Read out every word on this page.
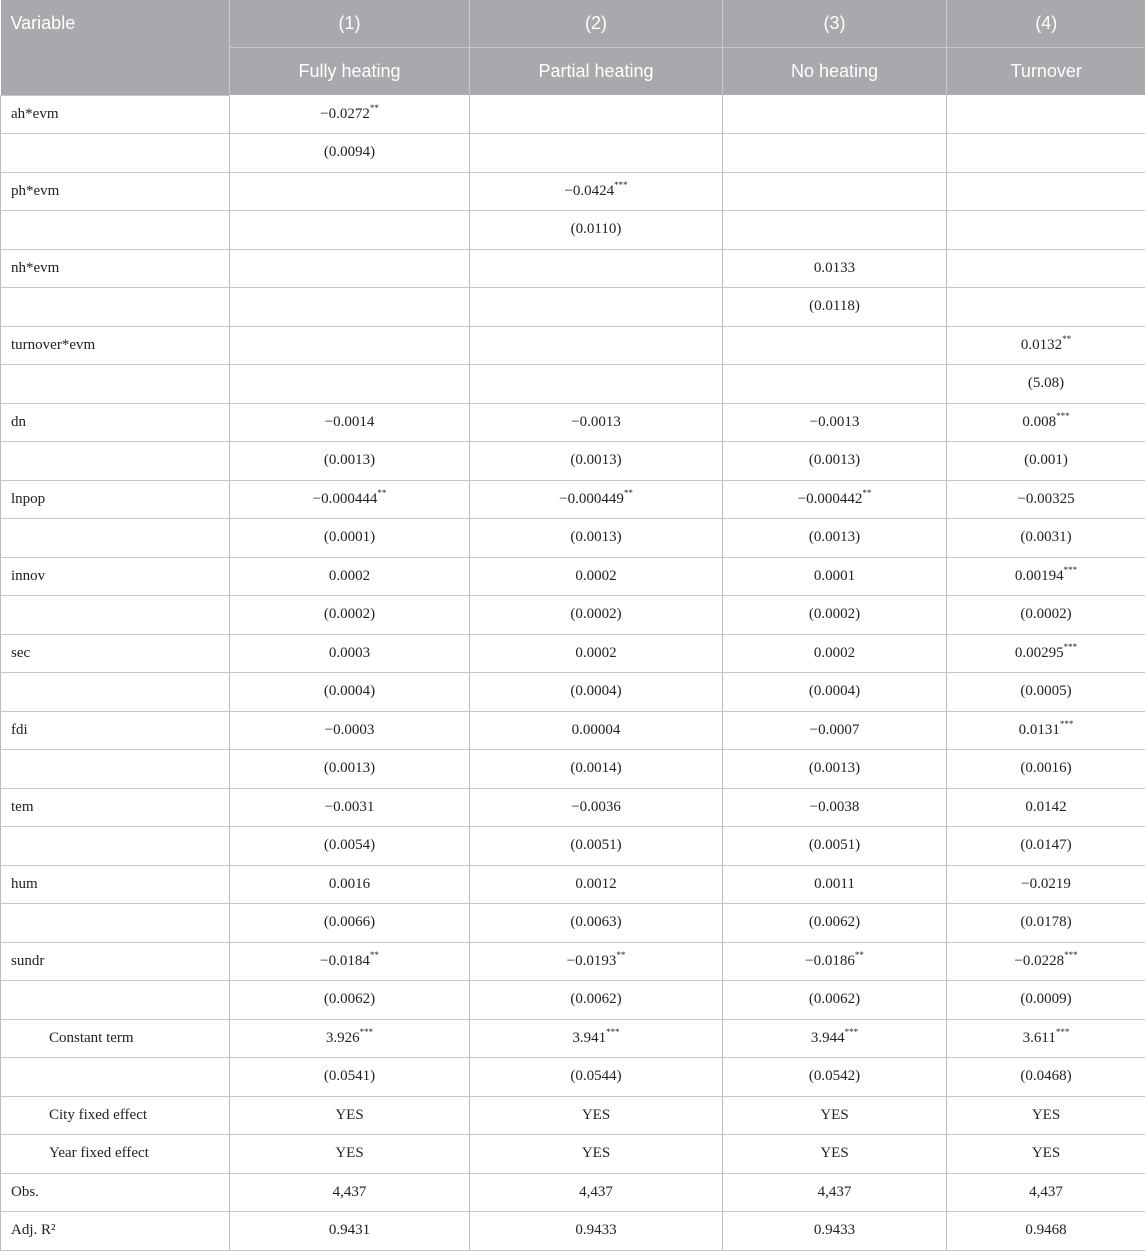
Variable	(1)	(2)	(3)	(4)
	Fully heating	Partial heating	No heating	Turnover
ah*evm	−0.0272**			
	(0.0094)			
ph*evm		−0.0424***		
		(0.0110)		
nh*evm			0.0133	
			(0.0118)	
turnover*evm				0.0132**
				(5.08)
dn	−0.0014	−0.0013	−0.0013	0.008***
	(0.0013)	(0.0013)	(0.0013)	(0.001)
lnpop	−0.000444**	−0.000449**	−0.000442**	−0.00325
	(0.0001)	(0.0013)	(0.0013)	(0.0031)
innov	0.0002	0.0002	0.0001	0.00194***
	(0.0002)	(0.0002)	(0.0002)	(0.0002)
sec	0.0003	0.0002	0.0002	0.00295***
	(0.0004)	(0.0004)	(0.0004)	(0.0005)
fdi	−0.0003	0.00004	−0.0007	0.0131***
	(0.0013)	(0.0014)	(0.0013)	(0.0016)
tem	−0.0031	−0.0036	−0.0038	0.0142
	(0.0054)	(0.0051)	(0.0051)	(0.0147)
hum	0.0016	0.0012	0.0011	−0.0219
	(0.0066)	(0.0063)	(0.0062)	(0.0178)
sundr	−0.0184**	−0.0193**	−0.0186**	−0.0228***
	(0.0062)	(0.0062)	(0.0062)	(0.0009)
Constant term	3.926***	3.941***	3.944***	3.611***
	(0.0541)	(0.0544)	(0.0542)	(0.0468)
City fixed effect	YES	YES	YES	YES
Year fixed effect	YES	YES	YES	YES
Obs.	4,437	4,437	4,437	4,437
Adj. R²	0.9431	0.9433	0.9433	0.9468
